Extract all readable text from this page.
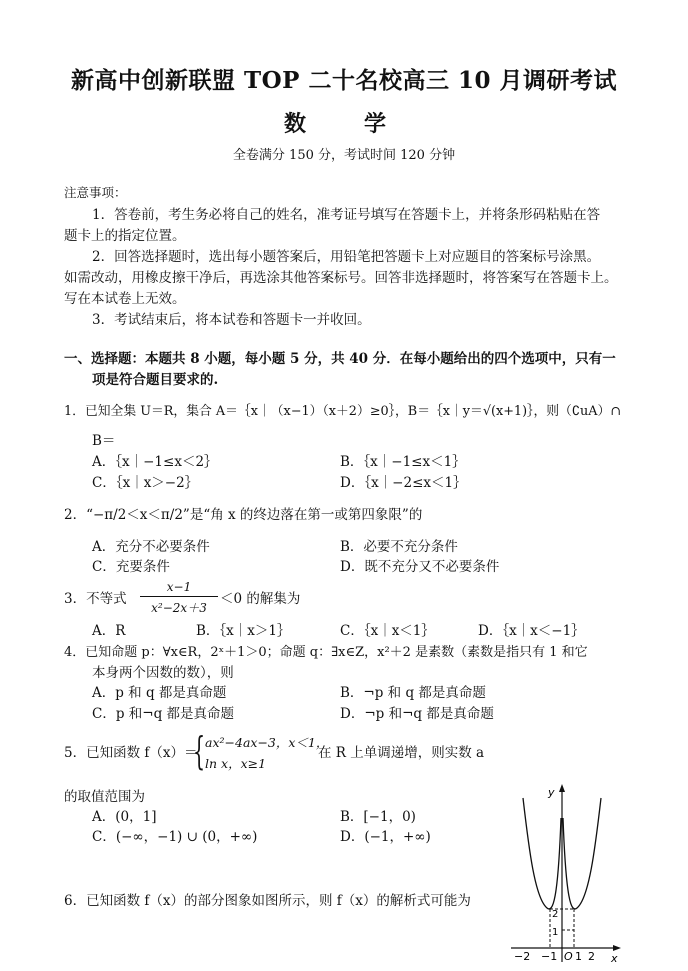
新高中创新联盟 TOP 二十名校高三 10 月调研考试
数　学
全卷满分 150 分，考试时间 120 分钟
注意事项：
1．答卷前，考生务必将自己的姓名，准考证号填写在答题卡上，并将条形码粘贴在答
题卡上的指定位置。
2．回答选择题时，选出每小题答案后，用铅笔把答题卡上对应题目的答案标号涂黑。
如需改动，用橡皮擦干净后，再选涂其他答案标号。回答非选择题时，将答案写在答题卡上。
写在本试卷上无效。
3．考试结束后，将本试卷和答题卡一并收回。
一、选择题：本题共 8 小题，每小题 5 分，共 40 分．在每小题给出的四个选项中，只有一
项是符合题目要求的.
1．已知全集 U＝R，集合 A＝｛x｜（x−1）（x＋2）≥0｝，B＝｛x｜y＝√(x+1)｝，则（∁uA）∩
B＝
A．｛x｜−1≤x＜2｝	B．｛x｜−1≤x＜1｝
C．｛x｜x＞−2｝	D．｛x｜−2≤x＜1｝
2．“−π/2＜x＜π/2”是“角 x 的终边落在第一或第四象限”的
A．充分不必要条件	B．必要不充分条件
C．充要条件	D．既不充分又不必要条件
3．不等式
x−1
x²−2x＋3
＜0 的解集为
A．R	B．｛x｜x＞1｝	C．｛x｜x＜1｝	D．｛x｜x＜−1｝
4．已知命题 p：∀x∈R，2ˣ＋1＞0；命题 q：∃x∈Z，x²＋2 是素数（素数是指只有 1 和它
本身两个因数的数），则
A．p 和 q 都是真命题	B．¬p 和 q 都是真命题
C．p 和¬q 都是真命题	D．¬p 和¬q 都是真命题
5．已知函数 f（x）＝
{ ax²−4ax−3，x＜1，
ln x，x≥1
在 R 上单调递增，则实数 a
的取值范围为
A．(0，1]	B．[−1，0)
C．(−∞，−1) ∪ (0，+∞)	D．(−1，+∞)
6．已知函数 f（x）的部分图象如图所示，则 f（x）的解析式可能为
y
x
O
−2 −1 1 2
2
1
